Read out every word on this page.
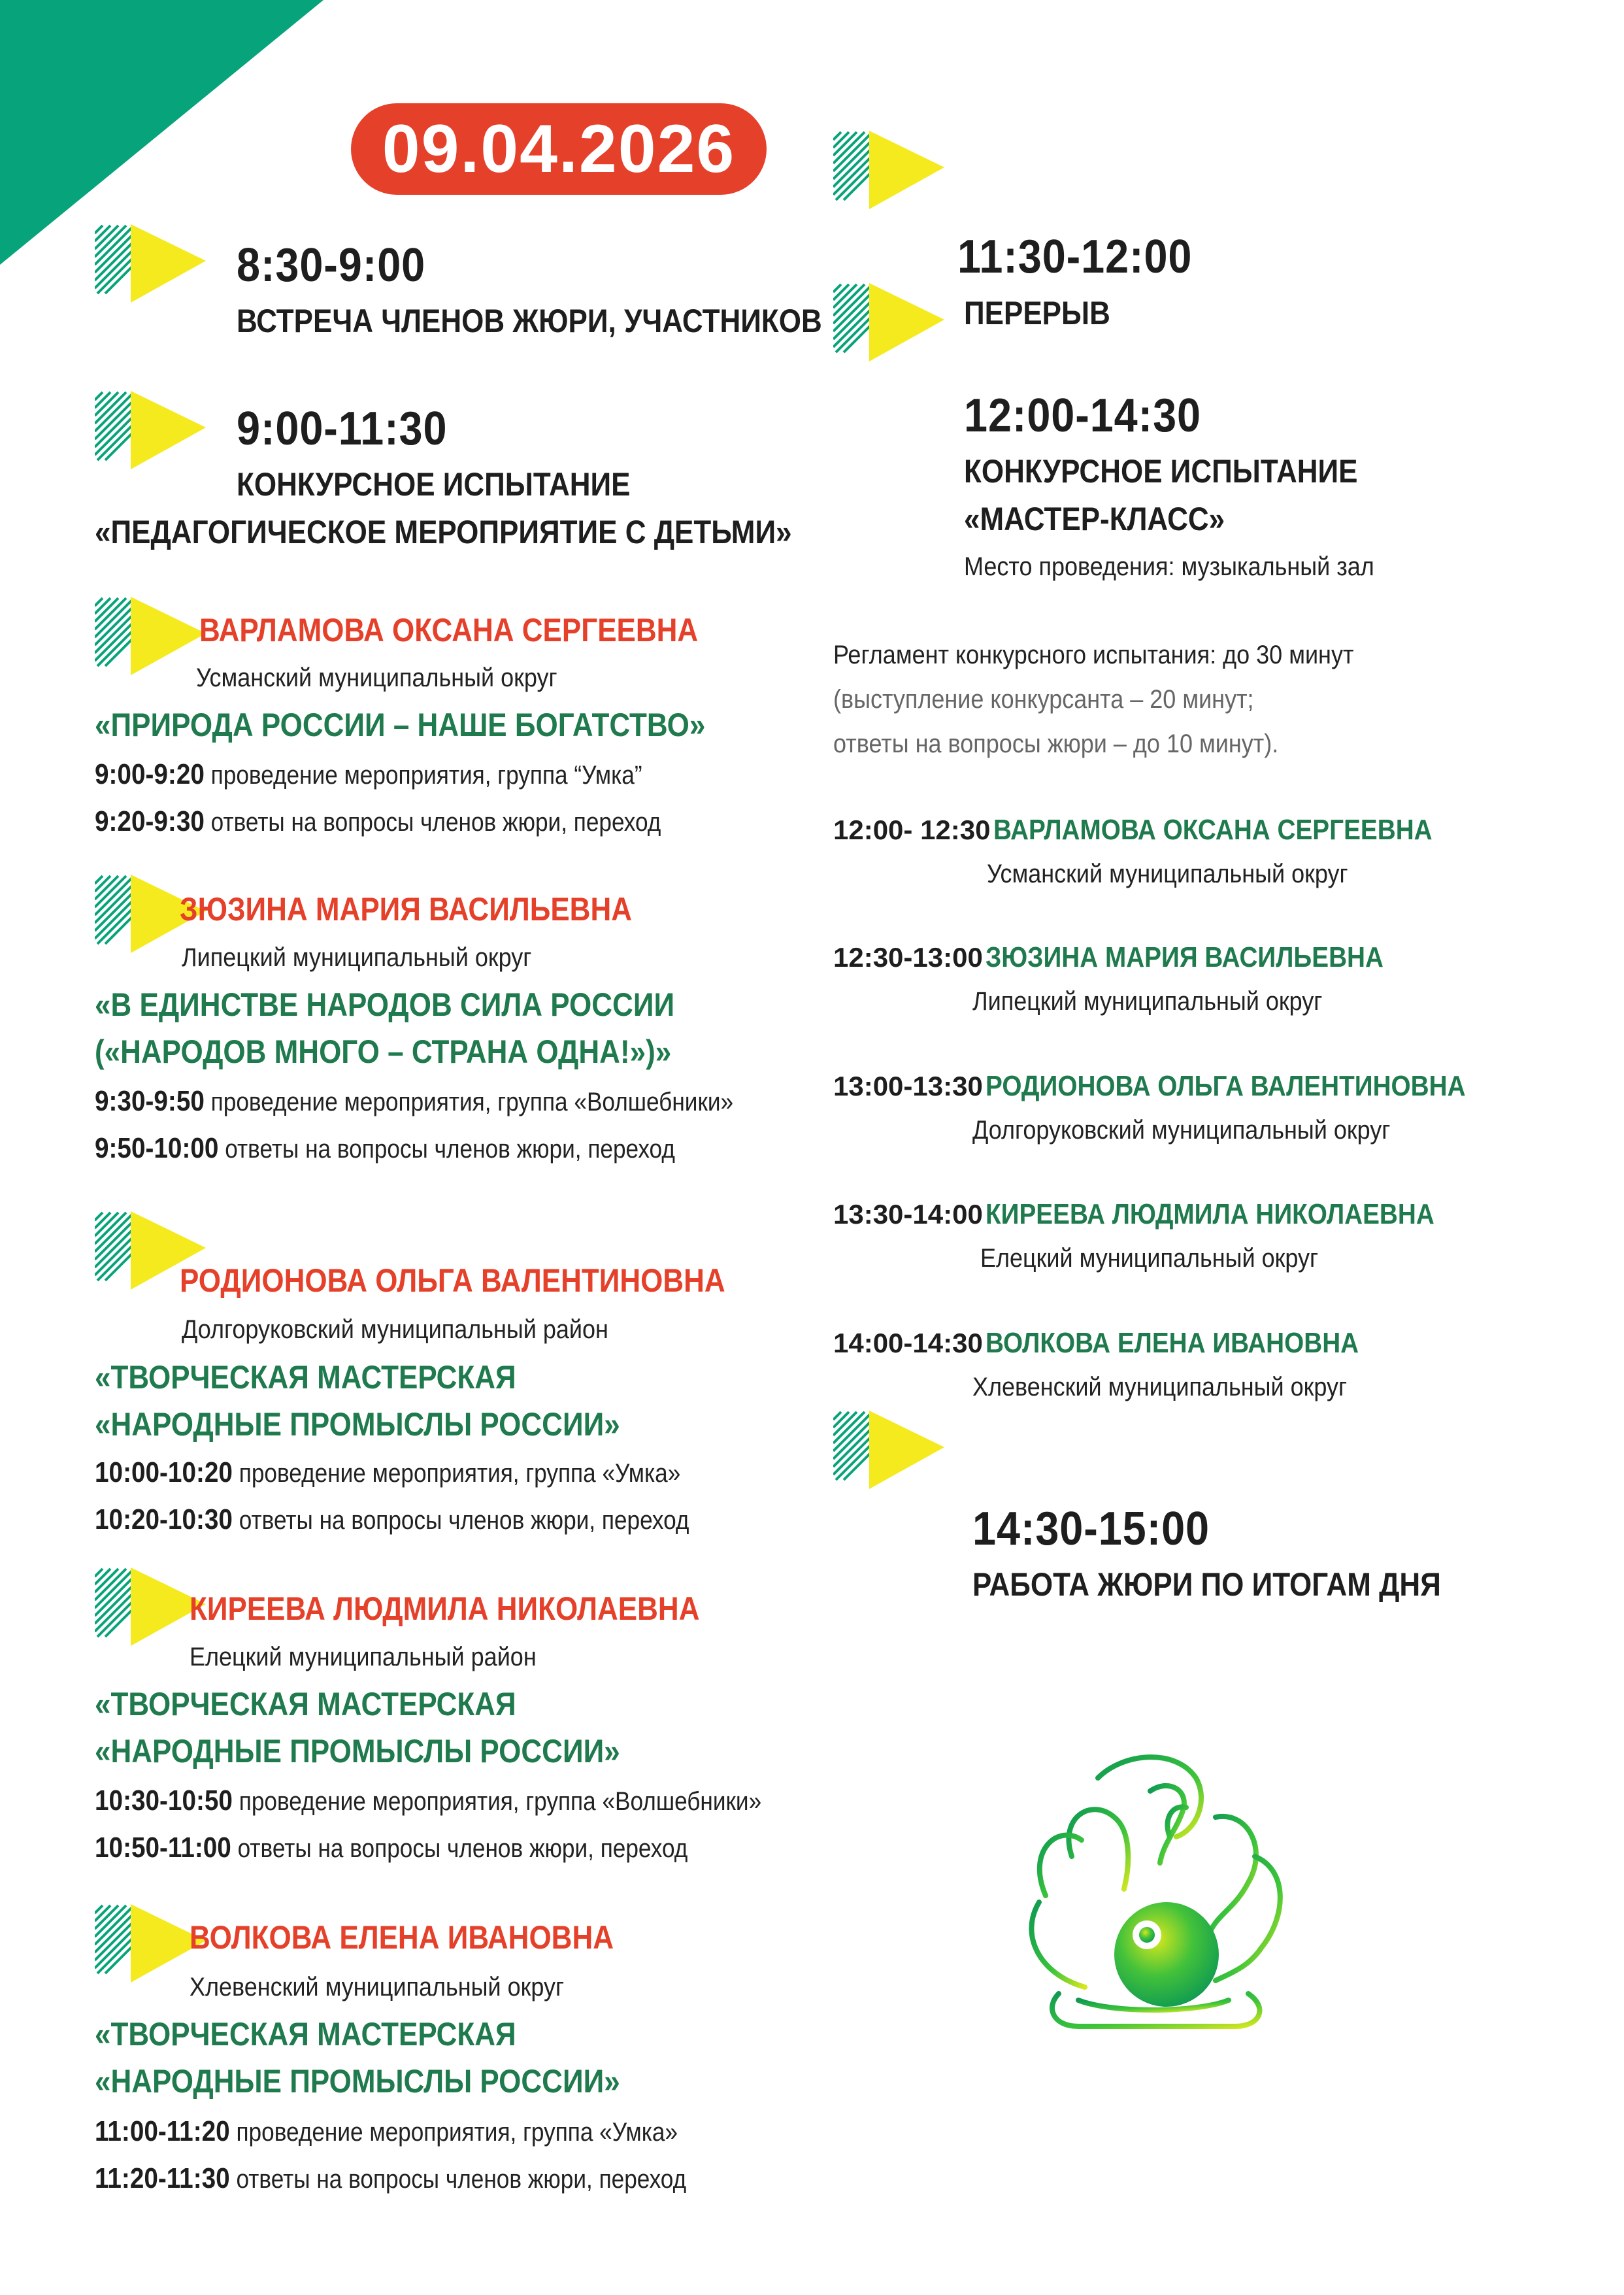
09.04.2026
8:30-9:00
ВСТРЕЧА ЧЛЕНОВ ЖЮРИ, УЧАСТНИКОВ
9:00-11:30
КОНКУРСНОЕ ИСПЫТАНИЕ
«ПЕДАГОГИЧЕСКОЕ МЕРОПРИЯТИЕ С ДЕТЬМИ»
ВАРЛАМОВА ОКСАНА СЕРГЕЕВНА
Усманский муниципальный округ
«ПРИРОДА РОССИИ – НАШЕ БОГАТСТВО»
9:00-9:20 проведение мероприятия, группа “Умка”
9:20-9:30 ответы на вопросы членов жюри, переход
ЗЮЗИНА МАРИЯ ВАСИЛЬЕВНА
Липецкий муниципальный округ
«В ЕДИНСТВЕ НАРОДОВ СИЛА РОССИИ
(«НАРОДОВ МНОГО – СТРАНА ОДНА!»)»
9:30-9:50 проведение мероприятия, группа «Волшебники»
9:50-10:00 ответы на вопросы членов жюри, переход
РОДИОНОВА ОЛЬГА ВАЛЕНТИНОВНА
Долгоруковский муниципальный район
«ТВОРЧЕСКАЯ МАСТЕРСКАЯ
«НАРОДНЫЕ ПРОМЫСЛЫ РОССИИ»
10:00-10:20 проведение мероприятия, группа «Умка»
10:20-10:30 ответы на вопросы членов жюри, переход
КИРЕЕВА ЛЮДМИЛА НИКОЛАЕВНА
Елецкий муниципальный район
«ТВОРЧЕСКАЯ МАСТЕРСКАЯ
«НАРОДНЫЕ ПРОМЫСЛЫ РОССИИ»
10:30-10:50 проведение мероприятия, группа «Волшебники»
10:50-11:00 ответы на вопросы членов жюри, переход
ВОЛКОВА ЕЛЕНА ИВАНОВНА
Хлевенский муниципальный округ
«ТВОРЧЕСКАЯ МАСТЕРСКАЯ
«НАРОДНЫЕ ПРОМЫСЛЫ РОССИИ»
11:00-11:20 проведение мероприятия, группа «Умка»
11:20-11:30 ответы на вопросы членов жюри, переход
11:30-12:00
ПЕРЕРЫВ
12:00-14:30
КОНКУРСНОЕ ИСПЫТАНИЕ
«МАСТЕР-КЛАСС»
Место проведения: музыкальный зал
Регламент конкурсного испытания: до 30 минут
(выступление конкурсанта – 20 минут;
ответы на вопросы жюри – до 10 минут).
12:00- 12:30 ВАРЛАМОВА ОКСАНА СЕРГЕЕВНА
Усманский муниципальный округ
12:30-13:00 ЗЮЗИНА МАРИЯ ВАСИЛЬЕВНА
Липецкий муниципальный округ
13:00-13:30 РОДИОНОВА ОЛЬГА ВАЛЕНТИНОВНА
Долгоруковский муниципальный округ
13:30-14:00 КИРЕЕВА ЛЮДМИЛА НИКОЛАЕВНА
Елецкий муниципальный округ
14:00-14:30 ВОЛКОВА ЕЛЕНА ИВАНОВНА
Хлевенский муниципальный округ
14:30-15:00
РАБОТА ЖЮРИ ПО ИТОГАМ ДНЯ
